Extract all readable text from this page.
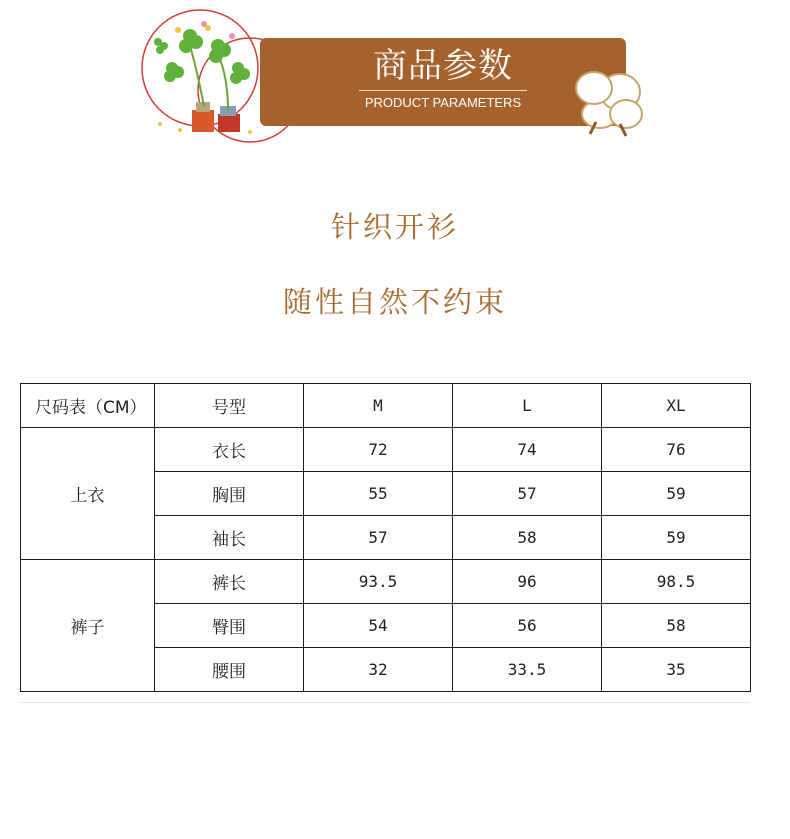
商品参数
PRODUCT PARAMETERS
针织开衫
随性自然不约束
尺码表（CM）	号型	M	L	XL
上衣	衣长	72	74	76
	胸围	55	57	59
	袖长	57	58	59
裤子	裤长	93.5	96	98.5
	臀围	54	56	58
	腰围	32	33.5	35
